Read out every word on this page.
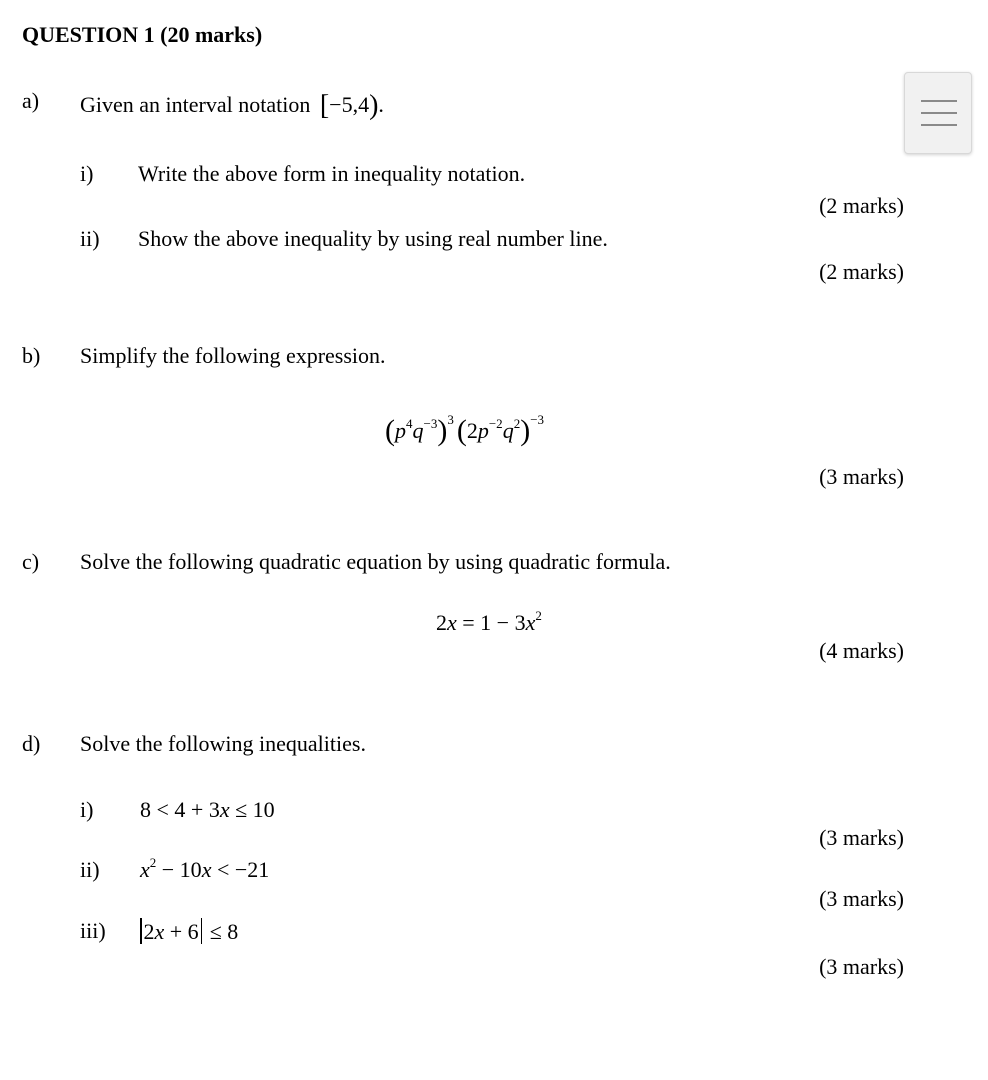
QUESTION 1 (20 marks)
a) Given an interval notation [−5,4).
i) Write the above form in inequality notation.
(2 marks)
ii) Show the above inequality by using real number line.
(2 marks)
b) Simplify the following expression.
$(p^4q^{-3})^3$ $(2p^{-2}q^2)^{-3}$
(3 marks)
c) Solve the following quadratic equation by using quadratic formula.
$2x = 1 - 3x^2$
(4 marks)
d) Solve the following inequalities.
i) 8 < 4 + 3x ≤ 10
(3 marks)
ii) $x^2 - 10x < -21$
(3 marks)
iii) 2x + 6 ≤ 8
(3 marks)
